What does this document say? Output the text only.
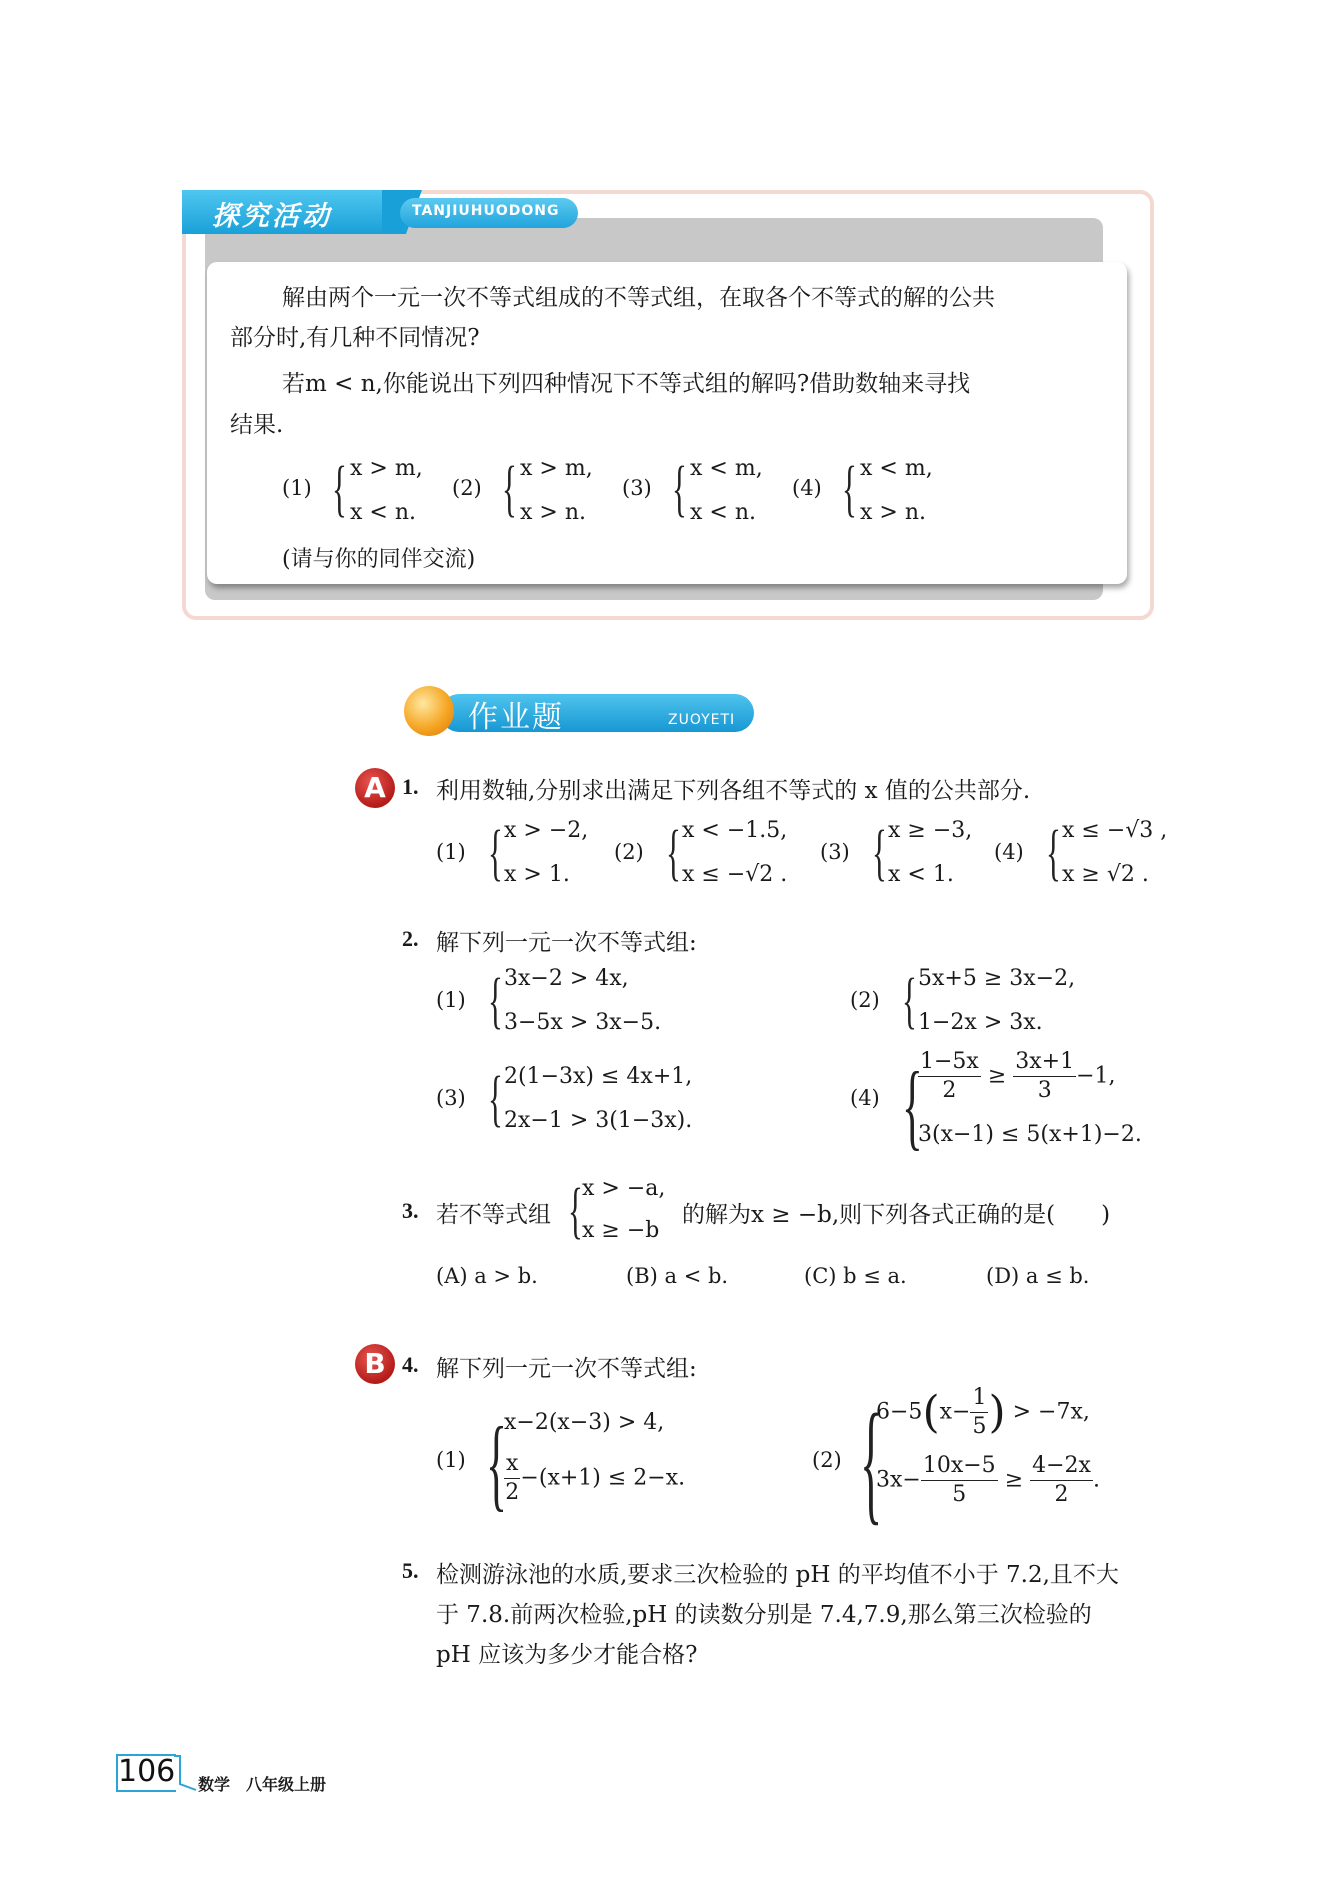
探究活动	TANJIUHUODONG
解由两个一元一次不等式组成的不等式组，在取各个不等式的解的公共
部分时,有几种不同情况?
若m < n,你能说出下列四种情况下不等式组的解吗?借助数轴来寻找
结果.
(1) { x > m,
x < n.
(2) { x > m,
x > n.
(3) { x < m,
x < n.
(4) { x < m,
x > n.
(请与你的同伴交流)
作业题	ZUOYETI
A 1. 利用数轴,分别求出满足下列各组不等式的 x 值的公共部分.
(1) { x > −2,
x > 1.
(2) { x < −1.5,
x ≤ −√2 .
(3) { x ≥ −3,
x < 1.
(4) { x ≤ −√3 ,
x ≥ √2 .
2. 解下列一元一次不等式组:
(1) { 3x−2 > 4x,
3−5x > 3x−5.
(2) { 5x+5 ≥ 3x−2,
1−2x > 3x.
(3) { 2(1−3x) ≤ 4x+1,
2x−1 > 3(1−3x).
(4) {
$\frac{1-5x}{2} \ge \frac{3x+1}{3} -1$,
3(x−1) ≤ 5(x+1)−2.
3. 若不等式组 { x > −a,
x ≥ −b
的解为x ≥ −b,则下列各式正确的是(　　)
(A) a > b.	(B) a < b.	(C) b ≤ a.	(D) a ≤ b.
B 4. 解下列一元一次不等式组:
(1) {
x−2(x−3) > 4,
$\frac{x}{2} -(x+1) \le 2-x$.
(2) {
$6-5(x- \frac{1}{5}$ ) > −7x,
$3x- \frac{10x-5}{5} \ge \frac{4-2x}{2}$ .
5. 检测游泳池的水质,要求三次检验的 pH 的平均值不小于 7.2,且不大
于 7.8.前两次检验,pH 的读数分别是 7.4,7.9,那么第三次检验的
pH 应该为多少才能合格?
106 数学　八年级上册
